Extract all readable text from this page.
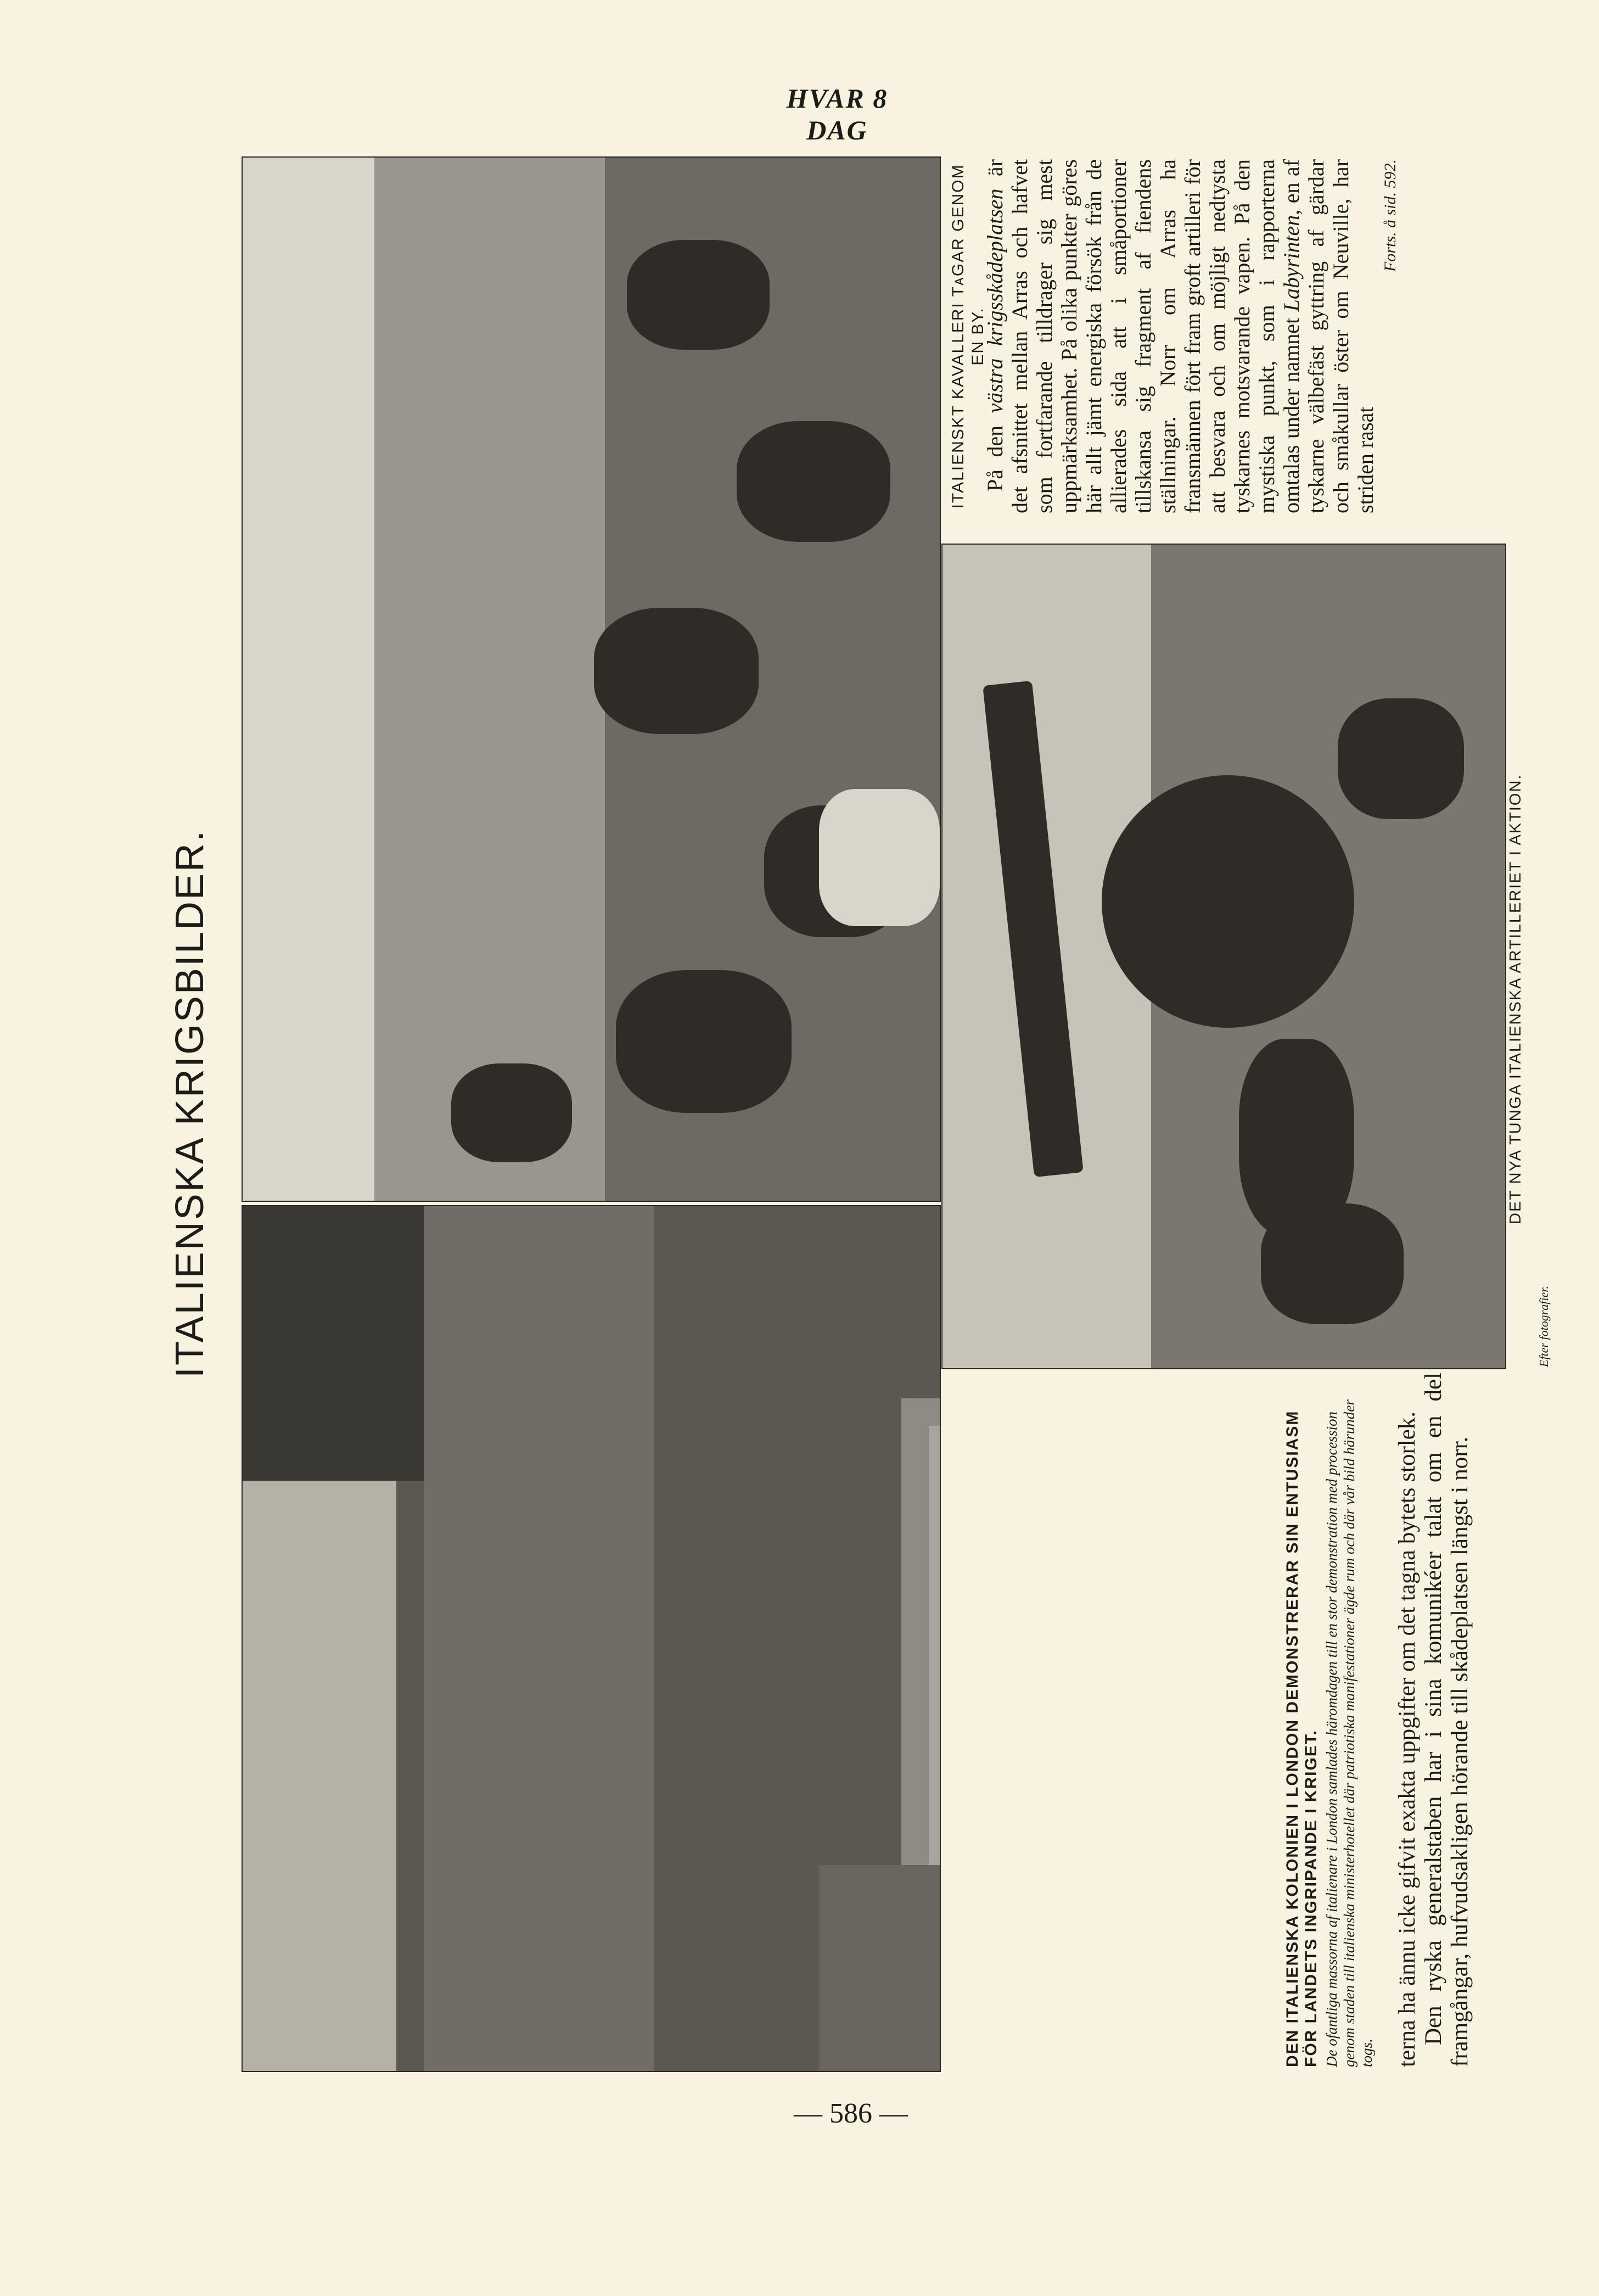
HVAR 8 DAG
ITALIENSKA KRIGSBILDER.
ITALIENSKT KAVALLERI TᴀGAR GENOM EN BY.
DET NYA TUNGA ITALIENSKA ARTILLERIET I AKTION.
Efter fotografier.
DEN ITALIENSKA KOLONIEN I LONDON DEMONSTRERAR SIN ENTUSIASM FÖR LANDETS INGRIPANDE I KRIGET. De ofantliga massorna af italienare i London samlades häromdagen till en stor demonstration med procession genom staden till italienska ministerhotellet där patriotiska manifestationer ägde rum och där vår bild härunder togs. terna ha ännu icke gifvit exakta uppgifter om det tagna bytets storlek. Den ryska generalstaben har i sina komunikéer talat om en del framgångar, hufvudsakligen hörande till skådeplatsen längst i norr.

På den västra krigsskådeplatsen är det afsnittet mellan Arras och hafvet som fortfarande tilldrager sig mest uppmärksamhet. På olika punkter göres här allt jämt energiska försök från de allierades sida att i småportioner tillskansa sig fragment af fiendens ställningar. Norr om Arras ha fransmännen fört fram groft artilleri för att besvara och om möjligt nedtysta tyskarnes motsvarande vapen. På den mystiska punkt, som i rapporterna omtalas under namnet Labyrinten, en af tyskarne välbefäst gyttring af gärdar och småkullar öster om Neuville, har striden rasat

Forts. å sid. 592.

— 586 —
